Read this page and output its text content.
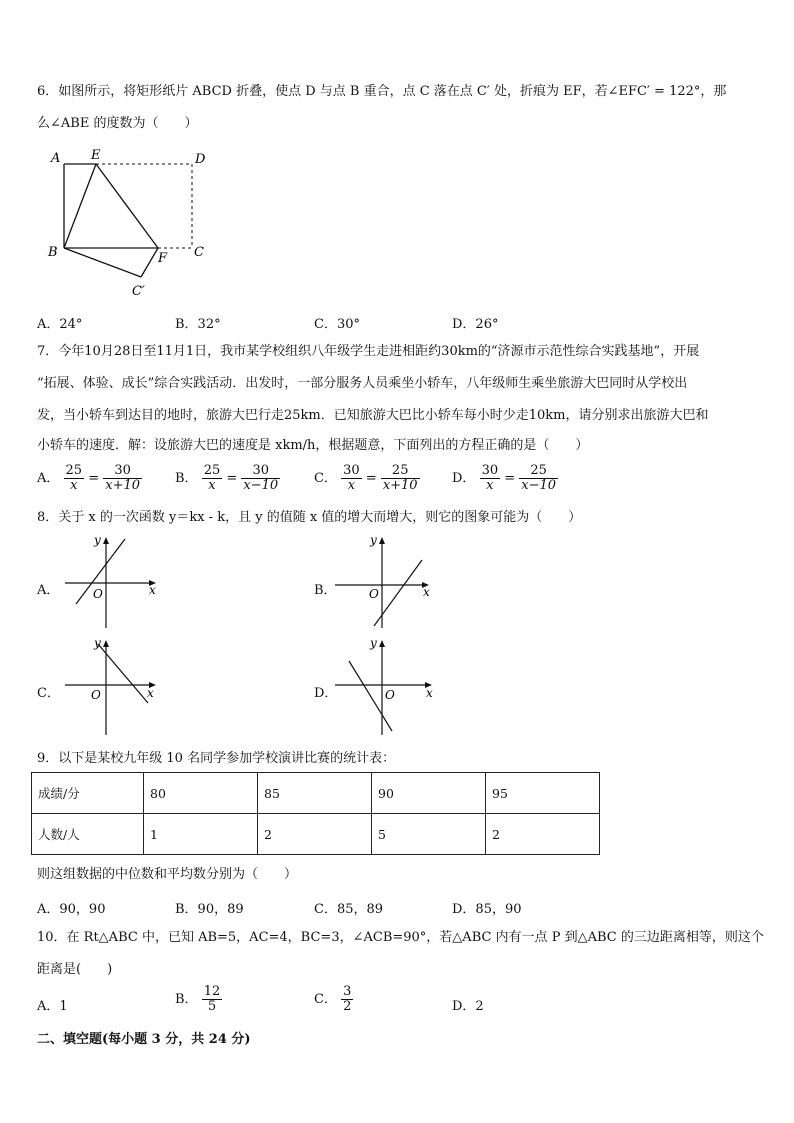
6．如图所示，将矩形纸片 ABCD 折叠，使点 D 与点 B 重合，点 C 落在点 C′ 处，折痕为 EF，若∠EFC′ = 122°，那
么∠ABE 的度数为（　　）
A E	D
B	C
F
C′
A．24°	B．32°	C．30°	D．26°
7．今年10月28日至11月1日，我市某学校组织八年级学生走进相距约30km的“济源市示范性综合实践基地”，开展
“拓展、体验、成长”综合实践活动．出发时，一部分服务人员乘坐小轿车，八年级师生乘坐旅游大巴同时从学校出
发，当小轿车到达目的地时，旅游大巴行走25km．已知旅游大巴比小轿车每小时少走10km，请分别求出旅游大巴和
小轿车的速度．解：设旅游大巴的速度是 xkm/h，根据题意，下面列出的方程正确的是（　　）
A． $\frac{25}{x} = \frac{30}{x+10}$	B． $\frac{25}{x} = \frac{30}{x-10}$	C． $\frac{30}{x} = \frac{25}{x+10}$ D． $\frac{30}{x} = \frac{25}{x-10}$
8．关于 x 的一次函数 y＝kx - k，且 y 的值随 x 值的增大而增大，则它的图象可能为（　　）
A．	x
y
O	B．	x
y
O
C．	x
y
O	D．	x
y
O
9．以下是某校九年级 10 名同学参加学校演讲比赛的统计表：
成绩/分	80	85	90	95
人数/人	1	2	5	2
则这组数据的中位数和平均数分别为（　　）
A．90，90	B．90，89	C．85，89	D．85，90
10．在 Rt△ABC 中，已知 AB=5，AC=4，BC=3，∠ACB=90°，若△ABC 内有一点 P 到△ABC 的三边距离相等，则这个
距离是(　　)
A．1	B． $\frac{12}{5}$	C． $\frac{3}{2}$	D．2
二、填空题(每小题 3 分，共 24 分)
